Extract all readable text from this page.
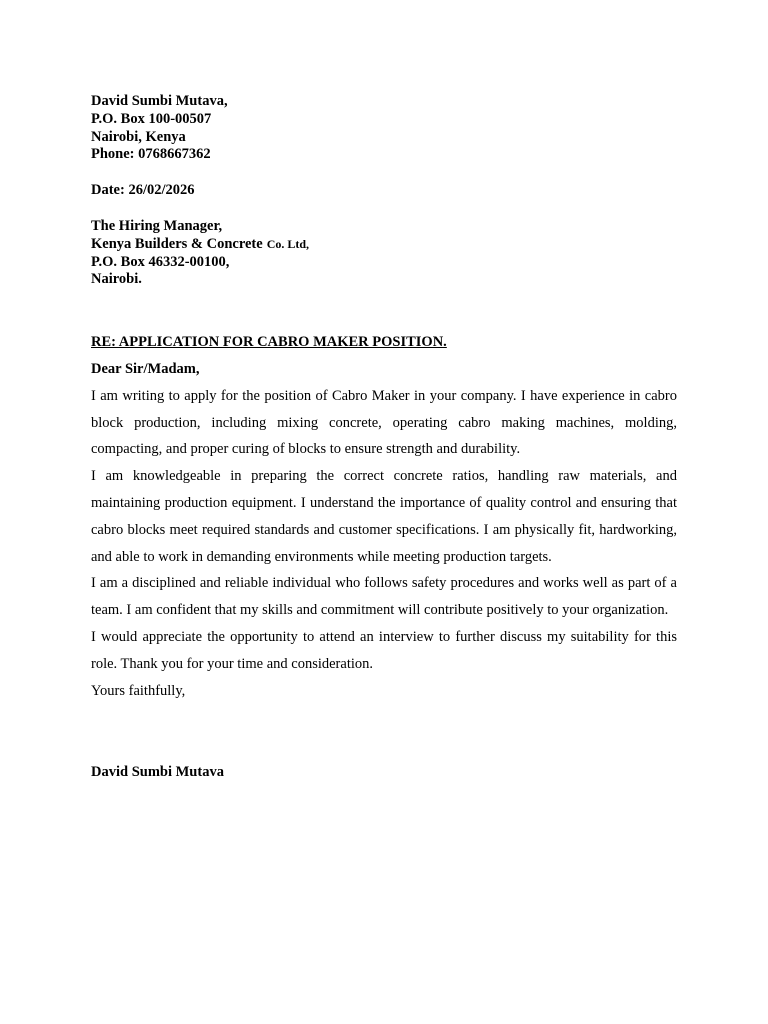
David Sumbi Mutava,
P.O. Box 100-00507
Nairobi, Kenya
Phone: 0768667362
Date: 26/02/2026
The Hiring Manager,
Kenya Builders & Concrete Co. Ltd,
P.O. Box 46332-00100,
Nairobi.
RE: APPLICATION FOR CABRO MAKER POSITION.
Dear Sir/Madam,

I am writing to apply for the position of Cabro Maker in your company. I have experience in cabro block production, including mixing concrete, operating cabro making machines, molding, compacting, and proper curing of blocks to ensure strength and durability.

I am knowledgeable in preparing the correct concrete ratios, handling raw materials, and maintaining production equipment. I understand the importance of quality control and ensuring that cabro blocks meet required standards and customer specifications. I am physically fit, hardworking, and able to work in demanding environments while meeting production targets.

I am a disciplined and reliable individual who follows safety procedures and works well as part of a team. I am confident that my skills and commitment will contribute positively to your organization.

I would appreciate the opportunity to attend an interview to further discuss my suitability for this role. Thank you for your time and consideration.

Yours faithfully,
David Sumbi Mutava
